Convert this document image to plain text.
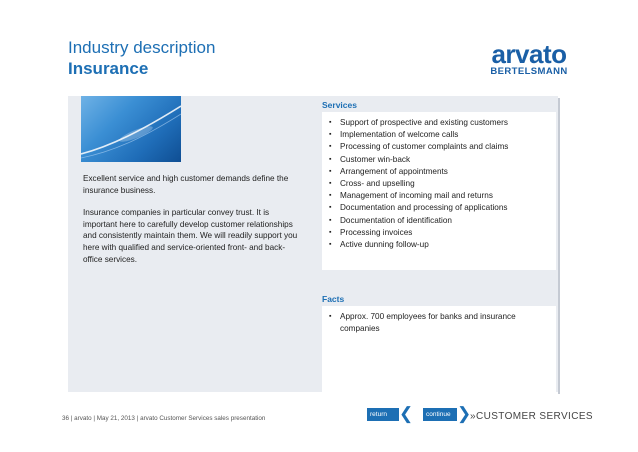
Industry description
Insurance	arvato
BERTELSMANN

Excellent service and high customer demands define the insurance business.

Insurance companies in particular convey trust. It is important here to carefully develop customer relationships and consistently maintain them. We will readily support you here with qualified and service-oriented front- and back-office services.

Services
▪ Support of prospective and existing customers
▪ Implementation of welcome calls
▪ Processing of customer complaints and claims
▪ Customer win-back
▪ Arrangement of appointments
▪ Cross- and upselling
▪ Management of incoming mail and returns
▪ Documentation and processing of applications
▪ Documentation of identification
▪ Processing invoices
▪ Active dunning follow-up
Facts
▪ Approx. 700 employees for banks and insurance companies
36 | arvato | May 21, 2013 | arvato Customer Services sales presentation
return ❮	continue ❯
»CUSTOMER SERVICES
